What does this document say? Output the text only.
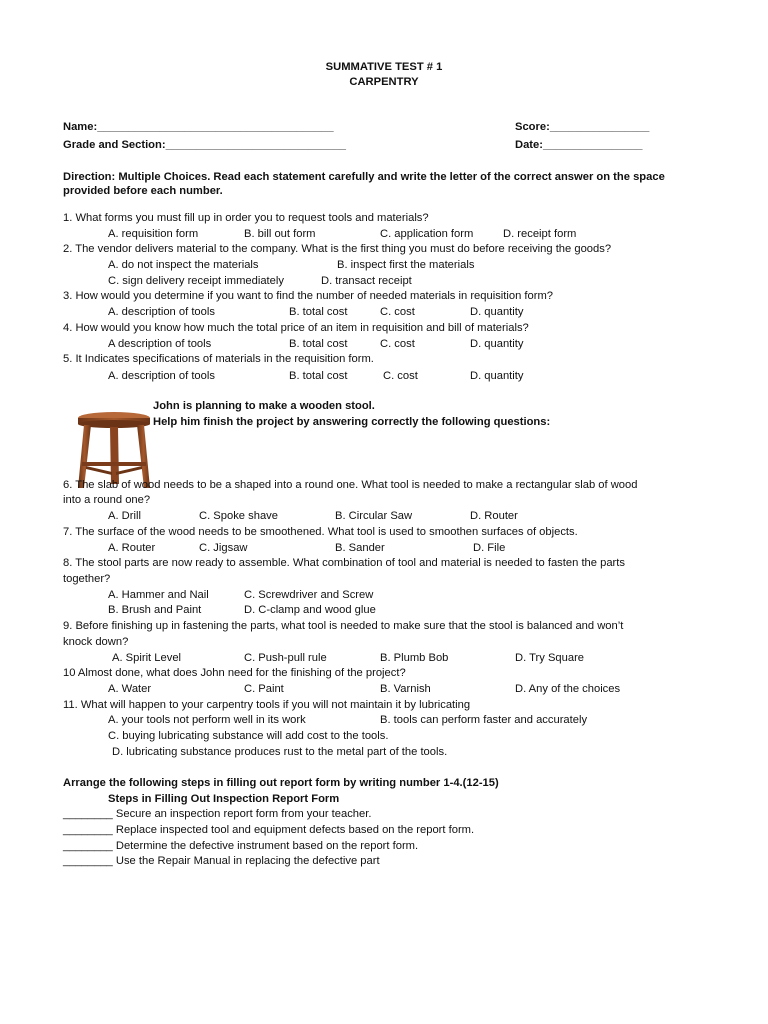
SUMMATIVE TEST # 1
CARPENTRY
Name:______________________________________	Score:________________
Grade and Section:_____________________________	Date:________________
Direction: Multiple Choices. Read each statement carefully and write the letter of the correct answer on the space
provided before each number.
1. What forms you must fill up in order you to request tools and materials?
A. requisition form	B. bill out form	C. application form	D. receipt form
2. The vendor delivers material to the company. What is the first thing you must do before receiving the goods?
A. do not inspect the materials	B. inspect first the materials
C. sign delivery receipt immediately	D. transact receipt
3. How would you determine if you want to find the number of needed materials in requisition form?
A. description of tools	B. total cost	C. cost	D. quantity
4. How would you know how much the total price of an item in requisition and bill of materials?
A description of tools	B. total cost	C. cost	D. quantity
5. It Indicates specifications of materials in the requisition form.
A. description of tools	B. total cost	C. cost	D. quantity
John is planning to make a wooden stool.
Help him finish the project by answering correctly the following questions:
6. The slab of wood needs to be a shaped into a round one. What tool is needed to make a rectangular slab of wood
into a round one?
A. Drill	C. Spoke shave	B. Circular Saw	D. Router
7. The surface of the wood needs to be smoothened. What tool is used to smoothen surfaces of objects.
A. Router	C. Jigsaw	B. Sander	D. File
8. The stool parts are now ready to assemble. What combination of tool and material is needed to fasten the parts
together?
A. Hammer and Nail	C. Screwdriver and Screw
B. Brush and Paint	D. C-clamp and wood glue
9. Before finishing up in fastening the parts, what tool is needed to make sure that the stool is balanced and won’t
knock down?
A. Spirit Level	C. Push-pull rule	B. Plumb Bob	D. Try Square
10 Almost done, what does John need for the finishing of the project?
A. Water	C. Paint	B. Varnish	D. Any of the choices
11. What will happen to your carpentry tools if you will not maintain it by lubricating
A. your tools not perform well in its work	B. tools can perform faster and accurately
C. buying lubricating substance will add cost to the tools.
D. lubricating substance produces rust to the metal part of the tools.
Arrange the following steps in filling out report form by writing number 1-4.(12-15)
Steps in Filling Out Inspection Report Form
________ Secure an inspection report form from your teacher.
________ Replace inspected tool and equipment defects based on the report form.
________ Determine the defective instrument based on the report form.
________ Use the Repair Manual in replacing the defective part
